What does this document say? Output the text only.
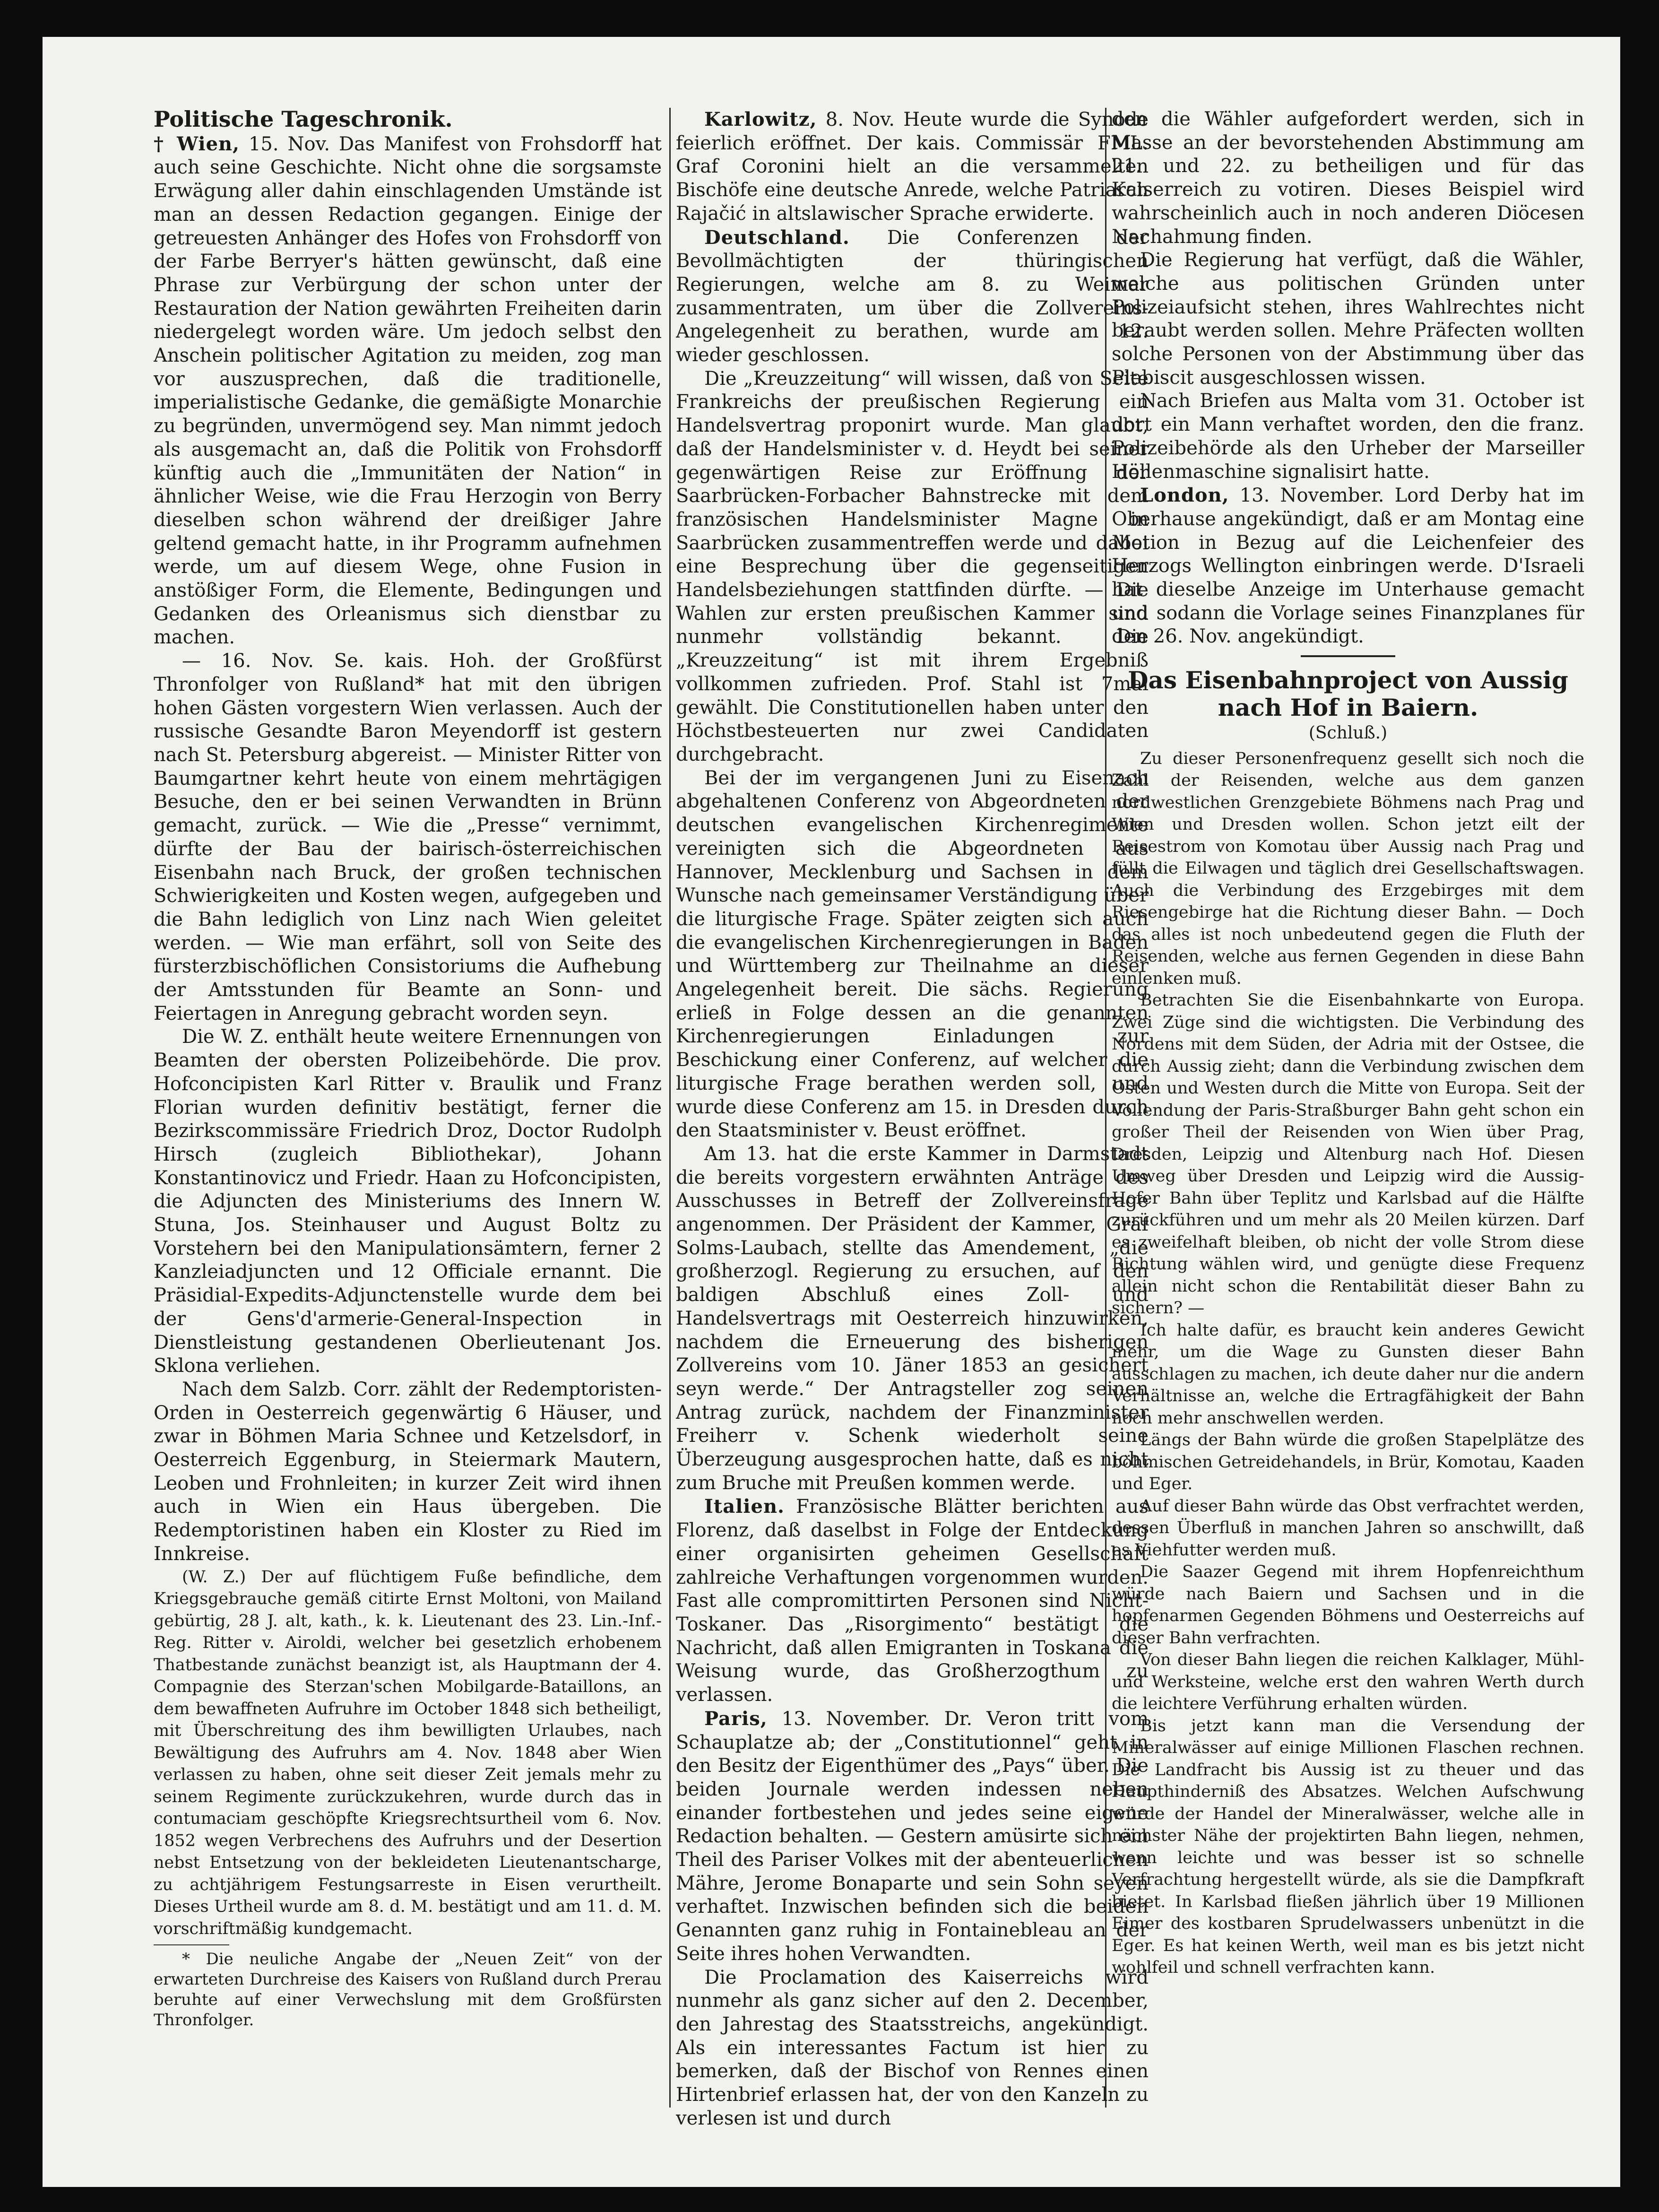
Politische Tageschronik.

† Wien, 15. Nov. Das Manifest von Frohsdorff hat auch seine Geschichte. Nicht ohne die sorgsamste Erwägung aller dahin einschlagenden Umstände ist man an dessen Redaction gegangen. Einige der getreuesten Anhänger des Hofes von Frohsdorff von der Farbe Berryer's hätten gewünscht, daß eine Phrase zur Verbürgung der schon unter der Restauration der Nation gewährten Freiheiten darin niedergelegt worden wäre. Um jedoch selbst den Anschein politischer Agitation zu meiden, zog man vor auszusprechen, daß die traditionelle, imperialistische Gedanke, die gemäßigte Monarchie zu begründen, unvermögend sey. Man nimmt jedoch als ausgemacht an, daß die Politik von Frohsdorff künftig auch die „Immunitäten der Nation“ in ähnlicher Weise, wie die Frau Herzogin von Berry dieselben schon während der dreißiger Jahre geltend gemacht hatte, in ihr Programm aufnehmen werde, um auf diesem Wege, ohne Fusion in anstößiger Form, die Elemente, Bedingungen und Gedanken des Orleanismus sich dienstbar zu machen.

— 16. Nov. Se. kais. Hoh. der Großfürst Thronfolger von Rußland* hat mit den übrigen hohen Gästen vorgestern Wien verlassen. Auch der russische Gesandte Baron Meyendorff ist gestern nach St. Petersburg abgereist. — Minister Ritter von Baumgartner kehrt heute von einem mehrtägigen Besuche, den er bei seinen Verwandten in Brünn gemacht, zurück. — Wie die „Presse“ vernimmt, dürfte der Bau der bairisch-österreichischen Eisenbahn nach Bruck, der großen technischen Schwierigkeiten und Kosten wegen, aufgegeben und die Bahn lediglich von Linz nach Wien geleitet werden. — Wie man erfährt, soll von Seite des fürsterzbischöflichen Consistoriums die Aufhebung der Amtsstunden für Beamte an Sonn- und Feiertagen in Anregung gebracht worden seyn.

Die W. Z. enthält heute weitere Ernennungen von Beamten der obersten Polizeibehörde. Die prov. Hofconcipisten Karl Ritter v. Braulik und Franz Florian wurden definitiv bestätigt, ferner die Bezirkscommissäre Friedrich Droz, Doctor Rudolph Hirsch (zugleich Bibliothekar), Johann Konstantinovicz und Friedr. Haan zu Hofconcipisten, die Adjuncten des Ministeriums des Innern W. Stuna, Jos. Steinhauser und August Boltz zu Vorstehern bei den Manipulationsämtern, ferner 2 Kanzleiadjuncten und 12 Officiale ernannt. Die Präsidial-Expedits-Adjunctenstelle wurde dem bei der Gens'd'armerie-General-Inspection in Dienstleistung gestandenen Oberlieutenant Jos. Sklona verliehen.

Nach dem Salzb. Corr. zählt der Redemptoristen-Orden in Oesterreich gegenwärtig 6 Häuser, und zwar in Böhmen Maria Schnee und Ketzelsdorf, in Oesterreich Eggenburg, in Steiermark Mautern, Leoben und Frohnleiten; in kurzer Zeit wird ihnen auch in Wien ein Haus übergeben. Die Redemptoristinen haben ein Kloster zu Ried im Innkreise.

(W. Z.) Der auf flüchtigem Fuße befindliche, dem Kriegsgebrauche gemäß citirte Ernst Moltoni, von Mailand gebürtig, 28 J. alt, kath., k. k. Lieutenant des 23. Lin.-Inf.-Reg. Ritter v. Airoldi, welcher bei gesetzlich erhobenem Thatbestande zunächst beanzigt ist, als Hauptmann der 4. Compagnie des Sterzan'schen Mobilgarde-Bataillons, an dem bewaffneten Aufruhre im October 1848 sich betheiligt, mit Überschreitung des ihm bewilligten Urlaubes, nach Bewältigung des Aufruhrs am 4. Nov. 1848 aber Wien verlassen zu haben, ohne seit dieser Zeit jemals mehr zu seinem Regimente zurückzukehren, wurde durch das in contumaciam geschöpfte Kriegsrechtsurtheil vom 6. Nov. 1852 wegen Verbrechens des Aufruhrs und der Desertion nebst Entsetzung von der bekleideten Lieutenantscharge, zu achtjährigem Festungsarreste in Eisen verurtheilt. Dieses Urtheil wurde am 8. d. M. bestätigt und am 11. d. M. vorschriftmäßig kundgemacht.

* Die neuliche Angabe der „Neuen Zeit“ von der erwarteten Durchreise des Kaisers von Rußland durch Prerau beruhte auf einer Verwechslung mit dem Großfürsten Thronfolger.

Karlowitz, 8. Nov. Heute wurde die Synode feierlich eröffnet. Der kais. Commissär FML. Graf Coronini hielt an die versammelten Bischöfe eine deutsche Anrede, welche Patriarch Rajačić in altslawischer Sprache erwiderte.

Deutschland. Die Conferenzen der Bevollmächtigten der thüringischen Regierungen, welche am 8. zu Weimar zusammentraten, um über die Zollvereins-Angelegenheit zu berathen, wurde am 12. wieder geschlossen.

Die „Kreuzzeitung“ will wissen, daß von Seite Frankreichs der preußischen Regierung ein Handelsvertrag proponirt wurde. Man glaubt, daß der Handelsminister v. d. Heydt bei seiner gegenwärtigen Reise zur Eröffnung der Saarbrücken-Forbacher Bahnstrecke mit dem französischen Handelsminister Magne in Saarbrücken zusammentreffen werde und dabei eine Besprechung über die gegenseitigen Handelsbeziehungen stattfinden dürfte. — Die Wahlen zur ersten preußischen Kammer sind nunmehr vollständig bekannt. Die „Kreuzzeitung“ ist mit ihrem Ergebniß vollkommen zufrieden. Prof. Stahl ist 7mal gewählt. Die Constitutionellen haben unter den Höchstbesteuerten nur zwei Candidaten durchgebracht.

Bei der im vergangenen Juni zu Eisenach abgehaltenen Conferenz von Abgeordneten der deutschen evangelischen Kirchenregimente vereinigten sich die Abgeordneten aus Hannover, Mecklenburg und Sachsen in dem Wunsche nach gemeinsamer Verständigung über die liturgische Frage. Später zeigten sich auch die evangelischen Kirchenregierungen in Baden und Württemberg zur Theilnahme an dieser Angelegenheit bereit. Die sächs. Regierung erließ in Folge dessen an die genannten Kirchenregierungen Einladungen zur Beschickung einer Conferenz, auf welcher die liturgische Frage berathen werden soll, und wurde diese Conferenz am 15. in Dresden durch den Staatsminister v. Beust eröffnet.

Am 13. hat die erste Kammer in Darmstadt die bereits vorgestern erwähnten Anträge des Ausschusses in Betreff der Zollvereinsfrage angenommen. Der Präsident der Kammer, Graf Solms-Laubach, stellte das Amendement, „die großherzogl. Regierung zu ersuchen, auf den baldigen Abschluß eines Zoll- und Handelsvertrags mit Oesterreich hinzuwirken, nachdem die Erneuerung des bisherigen Zollvereins vom 10. Jäner 1853 an gesichert seyn werde.“ Der Antragsteller zog seinen Antrag zurück, nachdem der Finanzminister Freiherr v. Schenk wiederholt seine Überzeugung ausgesprochen hatte, daß es nicht zum Bruche mit Preußen kommen werde.

Italien. Französische Blätter berichten aus Florenz, daß daselbst in Folge der Entdeckung einer organisirten geheimen Gesellschaft zahlreiche Verhaftungen vorgenommen wurden. Fast alle compromittirten Personen sind Nicht-Toskaner. Das „Risorgimento“ bestätigt die Nachricht, daß allen Emigranten in Toskana die Weisung wurde, das Großherzogthum zu verlassen.

Paris, 13. November. Dr. Veron tritt vom Schauplatze ab; der „Constitutionnel“ geht in den Besitz der Eigenthümer des „Pays“ über. Die beiden Journale werden indessen neben einander fortbestehen und jedes seine eigene Redaction behalten. — Gestern amüsirte sich ein Theil des Pariser Volkes mit der abenteuerlichen Mähre, Jerome Bonaparte und sein Sohn seyen verhaftet. Inzwischen befinden sich die beiden Genannten ganz ruhig in Fontainebleau an der Seite ihres hohen Verwandten.

Die Proclamation des Kaiserreichs wird nunmehr als ganz sicher auf den 2. December, den Jahrestag des Staatsstreichs, angekündigt. Als ein interessantes Factum ist hier zu bemerken, daß der Bischof von Rennes einen Hirtenbrief erlassen hat, der von den Kanzeln zu verlesen ist und durch

den die Wähler aufgefordert werden, sich in Masse an der bevorstehenden Abstimmung am 21. und 22. zu betheiligen und für das Kaiserreich zu votiren. Dieses Beispiel wird wahrscheinlich auch in noch anderen Diöcesen Nachahmung finden.

Die Regierung hat verfügt, daß die Wähler, welche aus politischen Gründen unter Polizeiaufsicht stehen, ihres Wahlrechtes nicht beraubt werden sollen. Mehre Präfecten wollten solche Personen von der Abstimmung über das Plebiscit ausgeschlossen wissen.

Nach Briefen aus Malta vom 31. October ist dort ein Mann verhaftet worden, den die franz. Polizeibehörde als den Urheber der Marseiller Höllenmaschine signalisirt hatte.

London, 13. November. Lord Derby hat im Oberhause angekündigt, daß er am Montag eine Motion in Bezug auf die Leichenfeier des Herzogs Wellington einbringen werde. D'Israeli hat dieselbe Anzeige im Unterhause gemacht und sodann die Vorlage seines Finanzplanes für den 26. Nov. angekündigt.

Das Eisenbahnproject von Aussig nach Hof in Baiern.

(Schluß.)

Zu dieser Personenfrequenz gesellt sich noch die Zahl der Reisenden, welche aus dem ganzen nordwestlichen Grenzgebiete Böhmens nach Prag und Wien und Dresden wollen. Schon jetzt eilt der Reisestrom von Komotau über Aussig nach Prag und füllt die Eilwagen und täglich drei Gesellschaftswagen. Auch die Verbindung des Erzgebirges mit dem Riesengebirge hat die Richtung dieser Bahn. — Doch das alles ist noch unbedeutend gegen die Fluth der Reisenden, welche aus fernen Gegenden in diese Bahn einlenken muß.

Betrachten Sie die Eisenbahnkarte von Europa. Zwei Züge sind die wichtigsten. Die Verbindung des Nordens mit dem Süden, der Adria mit der Ostsee, die durch Aussig zieht; dann die Verbindung zwischen dem Osten und Westen durch die Mitte von Europa. Seit der Vollendung der Paris-Straßburger Bahn geht schon ein großer Theil der Reisenden von Wien über Prag, Dresden, Leipzig und Altenburg nach Hof. Diesen Umweg über Dresden und Leipzig wird die Aussig-Hofer Bahn über Teplitz und Karlsbad auf die Hälfte zurückführen und um mehr als 20 Meilen kürzen. Darf es zweifelhaft bleiben, ob nicht der volle Strom diese Richtung wählen wird, und genügte diese Frequenz allein nicht schon die Rentabilität dieser Bahn zu sichern? —

Ich halte dafür, es braucht kein anderes Gewicht mehr, um die Wage zu Gunsten dieser Bahn ausschlagen zu machen, ich deute daher nur die andern Verhältnisse an, welche die Ertragfähigkeit der Bahn noch mehr anschwellen werden.

Längs der Bahn würde die großen Stapelplätze des böhmischen Getreidehandels, in Brür, Komotau, Kaaden und Eger.

Auf dieser Bahn würde das Obst verfrachtet werden, dessen Überfluß in manchen Jahren so anschwillt, daß es Viehfutter werden muß.

Die Saazer Gegend mit ihrem Hopfenreichthum würde nach Baiern und Sachsen und in die hopfenarmen Gegenden Böhmens und Oesterreichs auf dieser Bahn verfrachten.

Von dieser Bahn liegen die reichen Kalklager, Mühl- und Werksteine, welche erst den wahren Werth durch die leichtere Verführung erhalten würden.

Bis jetzt kann man die Versendung der Mineralwässer auf einige Millionen Flaschen rechnen. Die Landfracht bis Aussig ist zu theuer und das Haupthinderniß des Absatzes. Welchen Aufschwung würde der Handel der Mineralwässer, welche alle in nächster Nähe der projektirten Bahn liegen, nehmen, wenn leichte und was besser ist so schnelle Verfrachtung hergestellt würde, als sie die Dampfkraft bietet. In Karlsbad fließen jährlich über 19 Millionen Eimer des kostbaren Sprudelwassers unbenützt in die Eger. Es hat keinen Werth, weil man es bis jetzt nicht wohlfeil und schnell verfrachten kann.
